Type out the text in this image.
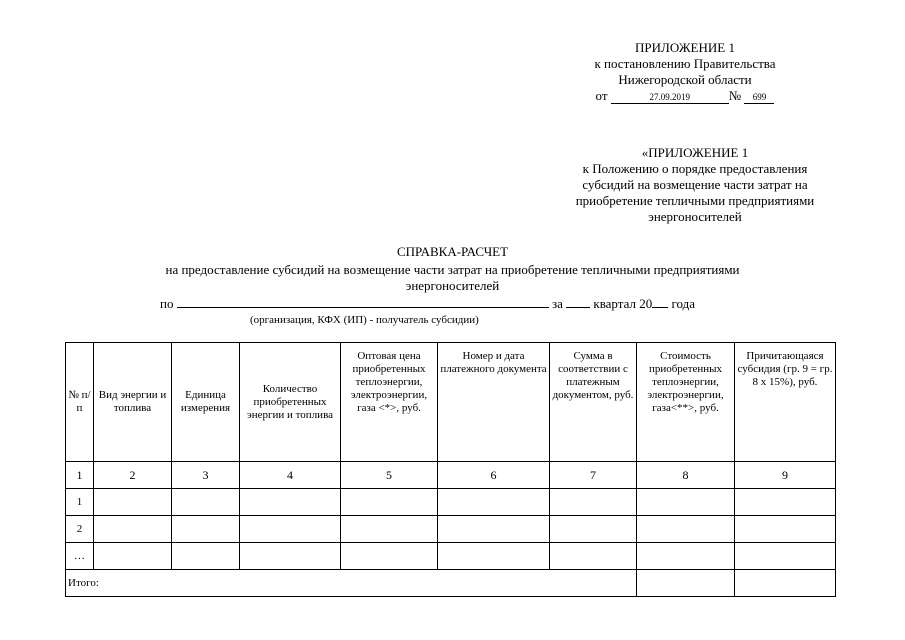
ПРИЛОЖЕНИЕ 1
к постановлению Правительства
Нижегородской области
от	27.09.2019	№ 699
«ПРИЛОЖЕНИЕ 1
к Положению о порядке предоставления
субсидий на возмещение части затрат на
приобретение тепличными предприятиями
энергоносителей
СПРАВКА-РАСЧЕТ
на предоставление субсидий на возмещение части затрат на приобретение тепличными предприятиями
энергоносителей
по	за квартал 20 года
(организация, КФХ (ИП) - получатель субсидии)
№ п/п	Вид энергии и топлива	Единица измерения	Количество приобретенных энергии и топлива	Оптовая цена приобретенных теплоэнергии, электроэнергии, газа <*>, руб.	Номер и дата платежного документа	Сумма в соответствии с платежным документом, руб.	Стоимость приобретенных теплоэнергии, электроэнергии, газа<**>, руб.	Причитающаяся субсидия (гр. 9 = гр. 8 x 15%), руб.
1	2	3	4	5	6	7	8	9
1								
2								
…								
Итого:								
